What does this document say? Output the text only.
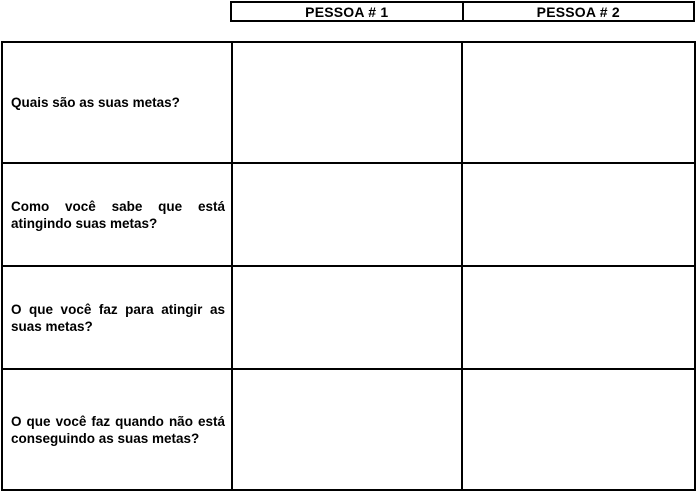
PESSOA # 1	PESSOA # 2
Quais são as suas metas?
Como você sabe que está atingindo suas metas?
O que você faz para atingir as suas metas?
O que você faz quando não está conseguindo as suas metas?
